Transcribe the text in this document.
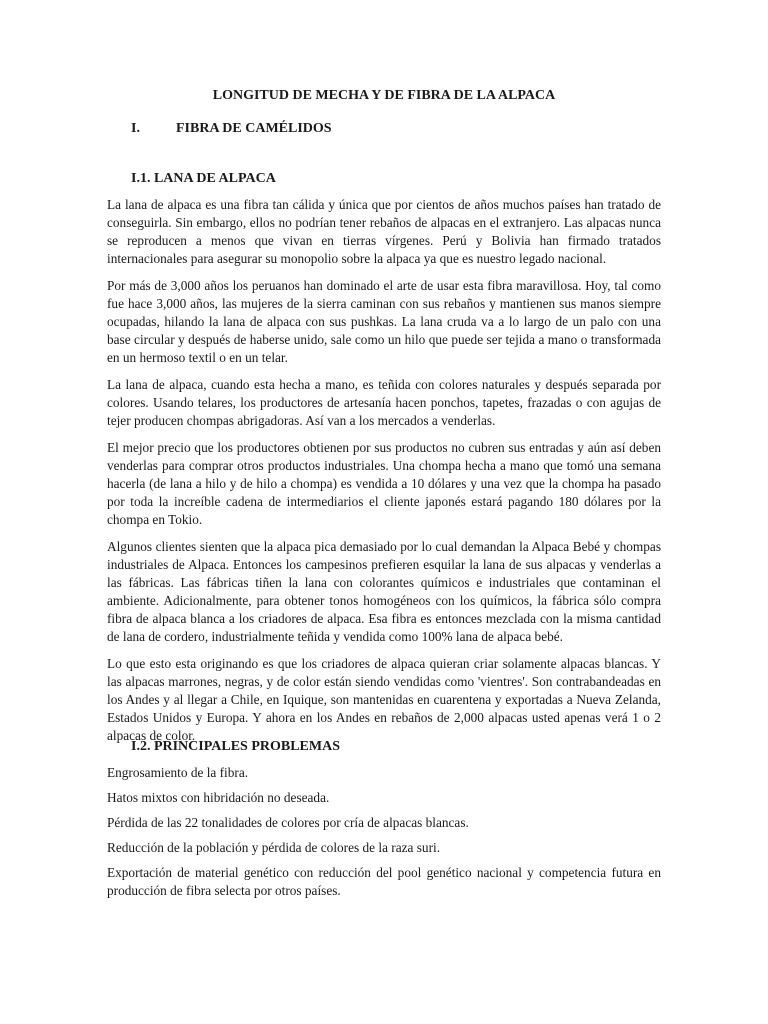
LONGITUD DE MECHA Y DE FIBRA DE LA ALPACA
I.	FIBRA DE CAMÉLIDOS
I.1. LANA DE ALPACA

La lana de alpaca es una fibra tan cálida y única que por cientos de años muchos países han tratado de conseguirla. Sin embargo, ellos no podrían tener rebaños de alpacas en el extranjero. Las alpacas nunca se reproducen a menos que vivan en tierras vírgenes. Perú y Bolivia han firmado tratados internacionales para asegurar su monopolio sobre la alpaca ya que es nuestro legado nacional.

Por más de 3,000 años los peruanos han dominado el arte de usar esta fibra maravillosa. Hoy, tal como fue hace 3,000 años, las mujeres de la sierra caminan con sus rebaños y mantienen sus manos siempre ocupadas, hilando la lana de alpaca con sus pushkas. La lana cruda va a lo largo de un palo con una base circular y después de haberse unido, sale como un hilo que puede ser tejida a mano o transformada en un hermoso textil o en un telar.

La lana de alpaca, cuando esta hecha a mano, es teñida con colores naturales y después separada por colores. Usando telares, los productores de artesanía hacen ponchos, tapetes, frazadas o con agujas de tejer producen chompas abrigadoras. Así van a los mercados a venderlas.

El mejor precio que los productores obtienen por sus productos no cubren sus entradas y aún así deben venderlas para comprar otros productos industriales. Una chompa hecha a mano que tomó una semana hacerla (de lana a hilo y de hilo a chompa) es vendida a 10 dólares y una vez que la chompa ha pasado por toda la increíble cadena de intermediarios el cliente japonés estará pagando 180 dólares por la chompa en Tokio.

Algunos clientes sienten que la alpaca pica demasiado por lo cual demandan la Alpaca Bebé y chompas industriales de Alpaca. Entonces los campesinos prefieren esquilar la lana de sus alpacas y venderlas a las fábricas. Las fábricas tiñen la lana con colorantes químicos e industriales que contaminan el ambiente. Adicionalmente, para obtener tonos homogéneos con los químicos, la fábrica sólo compra fibra de alpaca blanca a los criadores de alpaca. Esa fibra es entonces mezclada con la misma cantidad de lana de cordero, industrialmente teñida y vendida como 100% lana de alpaca bebé.

Lo que esto esta originando es que los criadores de alpaca quieran criar solamente alpacas blancas. Y las alpacas marrones, negras, y de color están siendo vendidas como 'vientres'. Son contrabandeadas en los Andes y al llegar a Chile, en Iquique, son mantenidas en cuarentena y exportadas a Nueva Zelanda, Estados Unidos y Europa. Y ahora en los Andes en rebaños de 2,000 alpacas usted apenas verá 1 o 2 alpacas de color.

I.2. PRINCIPALES PROBLEMAS

Engrosamiento de la fibra.

Hatos mixtos con hibridación no deseada.

Pérdida de las 22 tonalidades de colores por cría de alpacas blancas.

Reducción de la población y pérdida de colores de la raza suri.

Exportación de material genético con reducción del pool genético nacional y competencia futura en producción de fibra selecta por otros países.
